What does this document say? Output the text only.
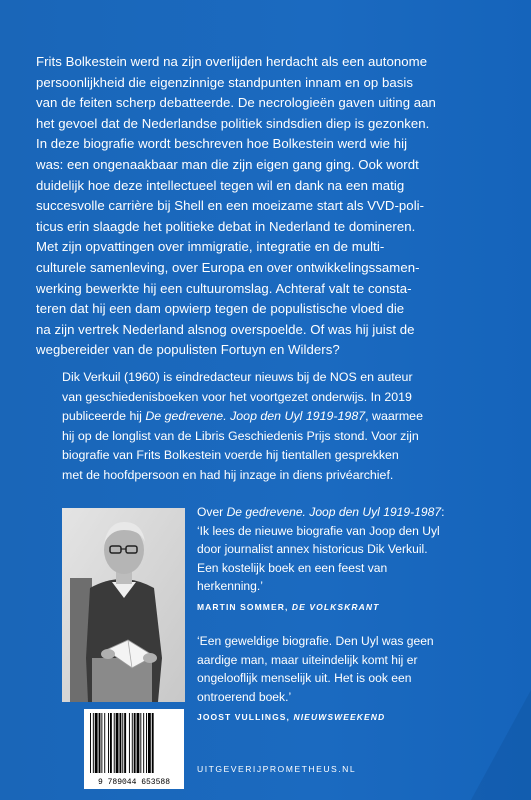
Frits Bolkestein werd na zijn overlijden herdacht als een autonome
persoonlijkheid die eigenzinnige standpunten innam en op basis
van de feiten scherp debatteerde. De necrologieën gaven uiting aan
het gevoel dat de Nederlandse politiek sindsdien diep is gezonken.
In deze biografie wordt beschreven hoe Bolkestein werd wie hij
was: een ongenaakbaar man die zijn eigen gang ging. Ook wordt
duidelijk hoe deze intellectueel tegen wil en dank na een matig
succesvolle carrière bij Shell en een moeizame start als VVD-poli-
ticus erin slaagde het politieke debat in Nederland te domineren.
Met zijn opvattingen over immigratie, integratie en de multi-
culturele samenleving, over Europa en over ontwikkelingssamen-
werking bewerkte hij een cultuuromslag. Achteraf valt te consta-
teren dat hij een dam opwierp tegen de populistische vloed die
na zijn vertrek Nederland alsnog overspoelde. Of was hij juist de
wegbereider van de populisten Fortuyn en Wilders?

Dik Verkuil (1960) is eindredacteur nieuws bij de NOS en auteur
van geschiedenisboeken voor het voortgezet onderwijs. In 2019
publiceerde hij De gedrevene. Joop den Uyl 1919-1987, waarmee
hij op de longlist van de Libris Geschiedenis Prijs stond. Voor zijn
biografie van Frits Bolkestein voerde hij tientallen gesprekken
met de hoofdpersoon en had hij inzage in diens privéarchief.

Over De gedrevene. Joop den Uyl 1919-1987:
‘Ik lees de nieuwe biografie van Joop den Uyl
door journalist annex historicus Dik Verkuil.
Een kostelijk boek en een feest van
herkenning.’

MARTIN SOMMER, DE VOLKSKRANT

‘Een geweldige biografie. Den Uyl was geen
aardige man, maar uiteindelijk komt hij er
ongelooflijk menselijk uit. Het is ook een
ontroerend boek.’

JOOST VULLINGS, NIEUWSWEEKEND

9 789044 653588
UITGEVERIJPROMETHEUS.NL
